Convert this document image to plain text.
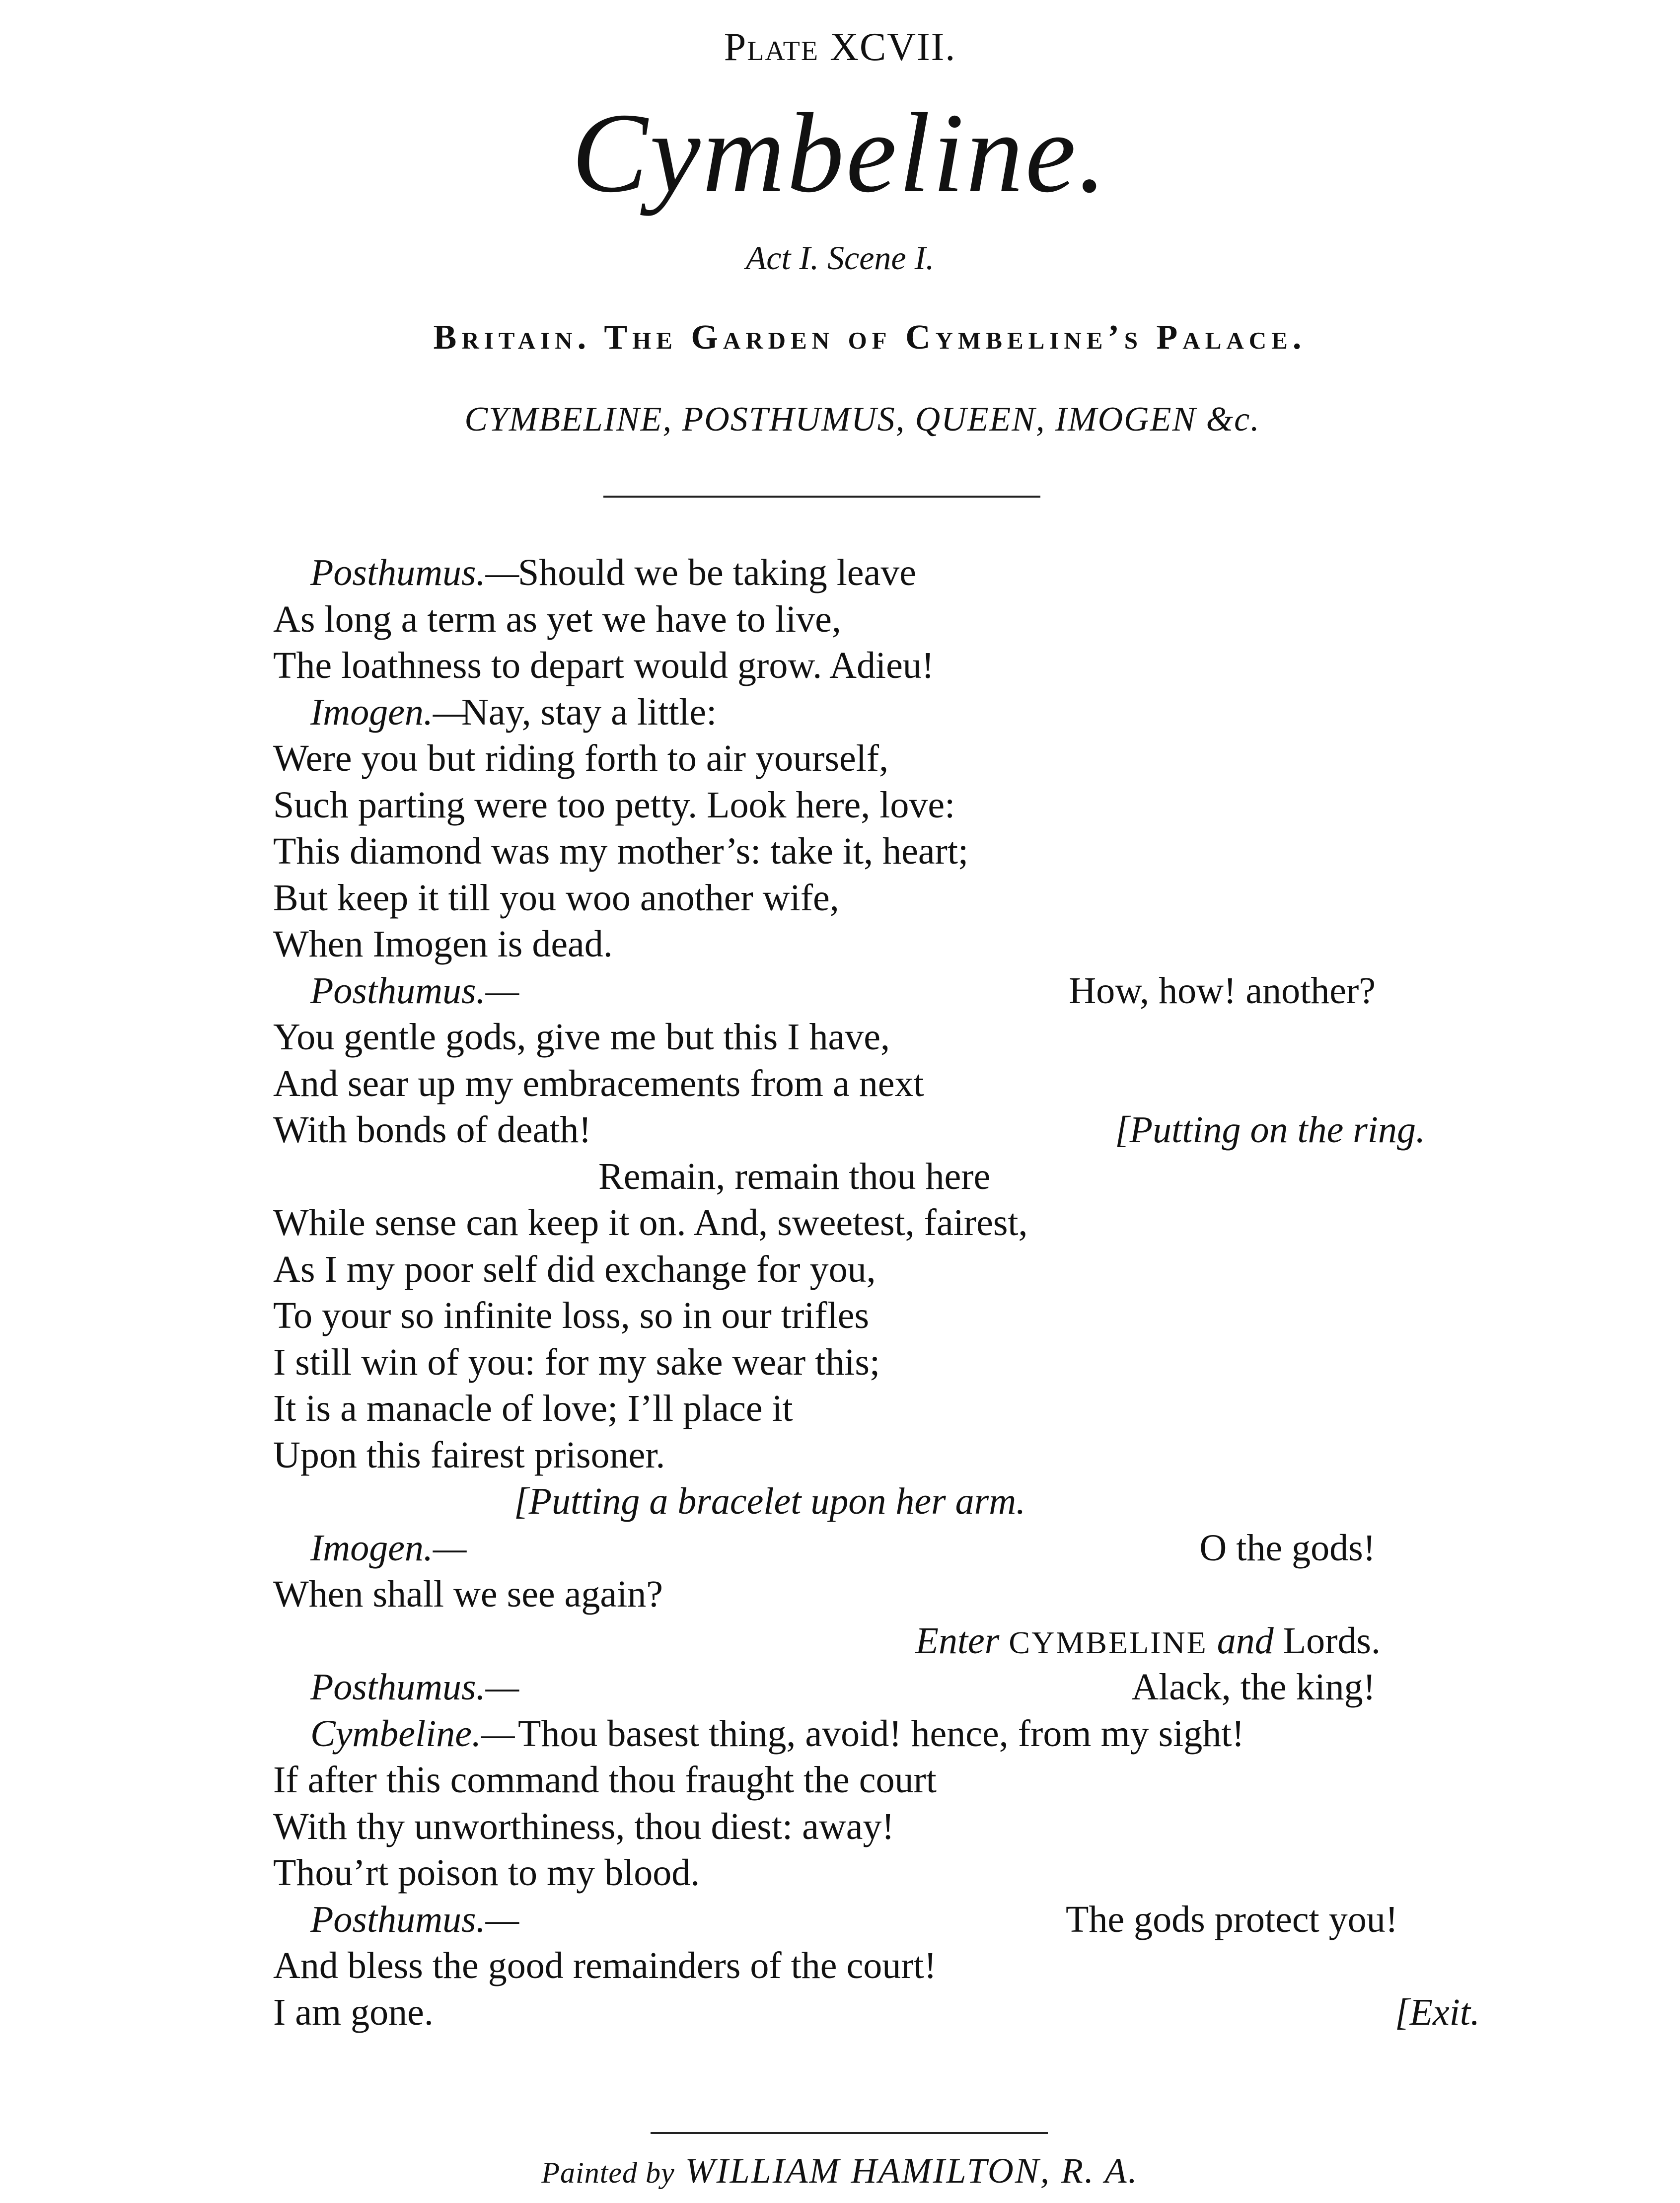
Plate XCVII.
Cymbeline.
Act I. Scene I.
Britain. The Garden of Cymbeline’s Palace.
CYMBELINE, POSTHUMUS, QUEEN, IMOGEN &c.
Posthumus.—
Should we be taking leave
As long a term as yet we have to live,
The loathness to depart would grow. Adieu!
Imogen.—
Nay, stay a little:
Were you but riding forth to air yourself,
Such parting were too petty. Look here, love:
This diamond was my mother’s: take it, heart;
But keep it till you woo another wife,
When Imogen is dead.
Posthumus.—	How, how! another?
You gentle gods, give me but this I have,
And sear up my embracements from a next
With bonds of death!	[Putting on the ring.
Remain, remain thou here
While sense can keep it on. And, sweetest, fairest,
As I my poor self did exchange for you,
To your so infinite loss, so in our trifles
I still win of you: for my sake wear this;
It is a manacle of love; I’ll place it
Upon this fairest prisoner.
[Putting a bracelet upon her arm.
Imogen.—	O the gods!
When shall we see again?
Enter CYMBELINE and Lords.
Posthumus.—	Alack, the king!
Cymbeline.— Thou basest thing, avoid! hence, from my sight!
If after this command thou fraught the court
With thy unworthiness, thou diest: away!
Thou’rt poison to my blood.
Posthumus.—	The gods protect you!
And bless the good remainders of the court!
I am gone.	[Exit.
Painted by WILLIAM HAMILTON, R. A.
